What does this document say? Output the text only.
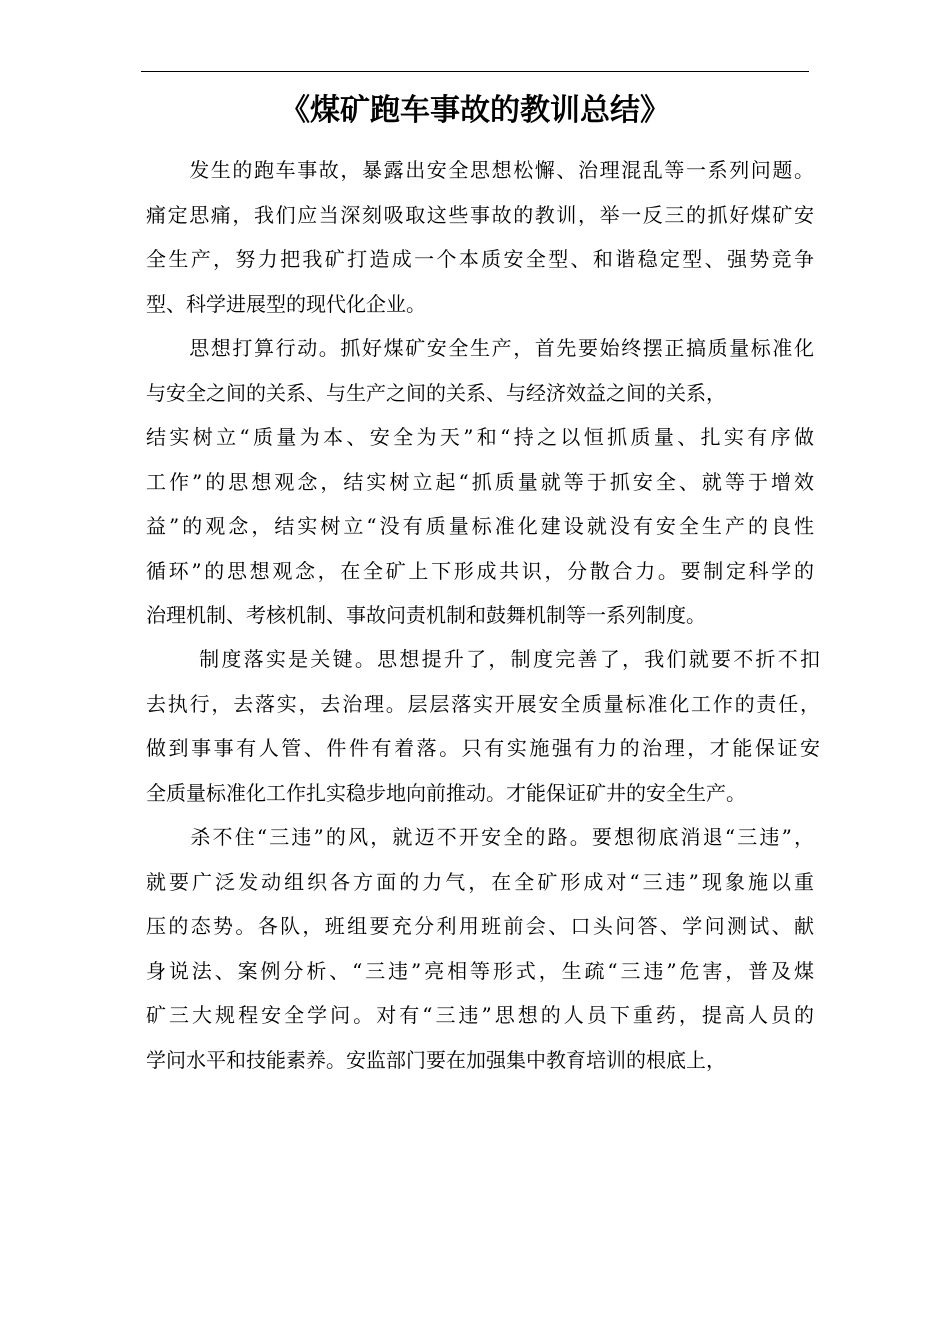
《煤矿跑车事故的教训总结》
　　发生的跑车事故，暴露出安全思想松懈、治理混乱等一系列问题。
痛定思痛，我们应当深刻吸取这些事故的教训，举一反三的抓好煤矿安
全生产，努力把我矿打造成一个本质安全型、和谐稳定型、强势竞争
型、科学进展型的现代化企业。
　　思想打算行动。抓好煤矿安全生产，首先要始终摆正搞质量标准化
与安全之间的关系、与生产之间的关系、与经济效益之间的关系，
结实树立“质量为本、安全为天”和“持之以恒抓质量、扎实有序做
工作”的思想观念，结实树立起“抓质量就等于抓安全、就等于增效
益”的观念，结实树立“没有质量标准化建设就没有安全生产的良性
循环”的思想观念，在全矿上下形成共识，分散合力。要制定科学的
治理机制、考核机制、事故问责机制和鼓舞机制等一系列制度。
　　 制度落实是关键。思想提升了，制度完善了，我们就要不折不扣
去执行，去落实，去治理。层层落实开展安全质量标准化工作的责任，
做到事事有人管、件件有着落。只有实施强有力的治理，才能保证安
全质量标准化工作扎实稳步地向前推动。才能保证矿井的安全生产。
　　杀不住“三违”的风，就迈不开安全的路。要想彻底消退“三违”，
就要广泛发动组织各方面的力气，在全矿形成对“三违”现象施以重
压的态势。各队，班组要充分利用班前会、口头问答、学问测试、献
身说法、案例分析、“三违”亮相等形式，生疏“三违”危害，普及煤
矿三大规程安全学问。对有“三违”思想的人员下重药，提高人员的
学问水平和技能素养。安监部门要在加强集中教育培训的根底上，
